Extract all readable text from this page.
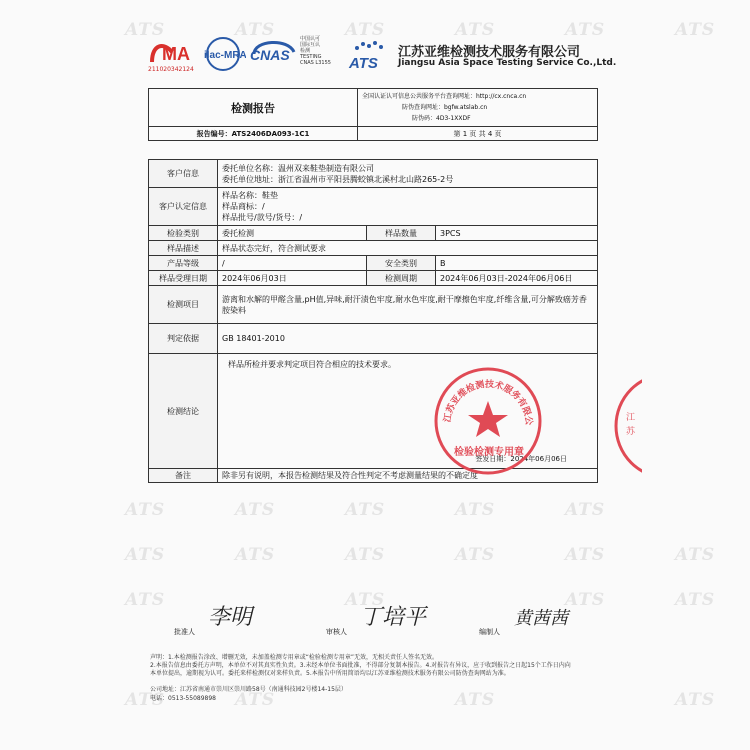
ATS	ATS	ATS	ATS	ATS	ATS
ATS	ATS	ATS	ATS	ATS
ATS	ATS	ATS	ATS	ATS	ATS
ATS	ATS	ATS	ATS
ATS	ATS	ATS	ATS
MA
211020342124
ilac-MRA CNAS
中国认可
国际互认
检测
TESTING
CNAS L3155 ATS
江苏亚维检测技术服务有限公司
Jiangsu Asia Space Testing Service Co.,Ltd.
检测报告	全国认证认可信息公共服务平台查询网址：http://cx.cnca.cn
防伪查询网址：bgfw.atslab.cn
防伪码：4D3-1XXDF

报告编号：ATS2406DA093-1C1	第 1 页 共 4 页
客户信息	委托单位名称：温州双来鞋垫制造有限公司
委托单位地址：浙江省温州市平阳县腾蛟镇北溪村北山路265-2号		

客户认定信息	样品名称：鞋垫
样品商标：/
样品批号/款号/货号：/		

检验类别	委托检测	样品数量	3PCS
样品描述	样品状态完好，符合测试要求		
产品等级	/	安全类别	B
样品受理日期	2024年06月03日	检测周期	2024年06月03日-2024年06月06日
检测项目	游离和水解的甲醛含量,pH值,异味,耐汗渍色牢度,耐水色牢度,耐干摩擦色牢度,纤维含量,可分解致癌芳香胺染料		
判定依据	GB 18401-2010		
检测结论	样品所检并要求判定项目符合相应的技术要求。
签发日期：2024年06月06日		

备注	除非另有说明，本报告检测结果及符合性判定不考虑测量结果的不确定度		
江苏亚维检测技术服务有限公
检验检测专用章
江
苏
批准人
李明
审核人
丁培平
编制人
黄茜茜
声明：1.本检测报告涂改、增删无效，未加盖检测专用章或“检验检测专用章”无效，无相关责任人签名无效。
2.本报告信息由委托方声明，本单位不对其真实性负责。3.未经本单位书面批准，不得部分复制本报告。4.对报告有异议，应于收到报告之日起15个工作日内向
本单位提出，逾期视为认可。委托来样检测仅对来样负责。5.本报告中所用简语均以江苏亚维检测技术服务有限公司防伪查询网站为准。
公司地址：江苏省南通市崇川区崇川路58号（南通科技园2号楼14-15层）
电话：0513-55089898
